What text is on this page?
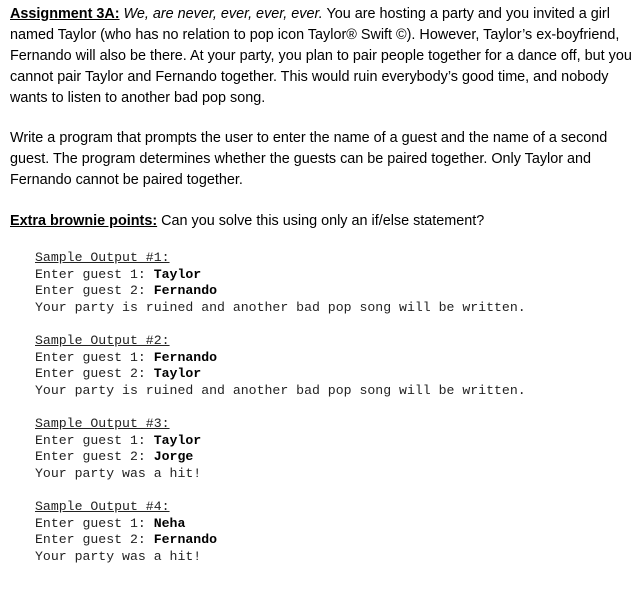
Assignment 3A: We, are never, ever, ever, ever. You are hosting a party and you invited a girl named Taylor (who has no relation to pop icon Taylor® Swift ©). However, Taylor’s ex-boyfriend, Fernando will also be there. At your party, you plan to pair people together for a dance off, but you cannot pair Taylor and Fernando together. This would ruin everybody’s good time, and nobody wants to listen to another bad pop song.
Write a program that prompts the user to enter the name of a guest and the name of a second guest. The program determines whether the guests can be paired together. Only Taylor and Fernando cannot be paired together.
Extra brownie points: Can you solve this using only an if/else statement?
Sample Output #1:
Enter guest 1: Taylor
Enter guest 2: Fernando
Your party is ruined and another bad pop song will be written.
Sample Output #2:
Enter guest 1: Fernando
Enter guest 2: Taylor
Your party is ruined and another bad pop song will be written.
Sample Output #3:
Enter guest 1: Taylor
Enter guest 2: Jorge
Your party was a hit!
Sample Output #4:
Enter guest 1: Neha
Enter guest 2: Fernando
Your party was a hit!
